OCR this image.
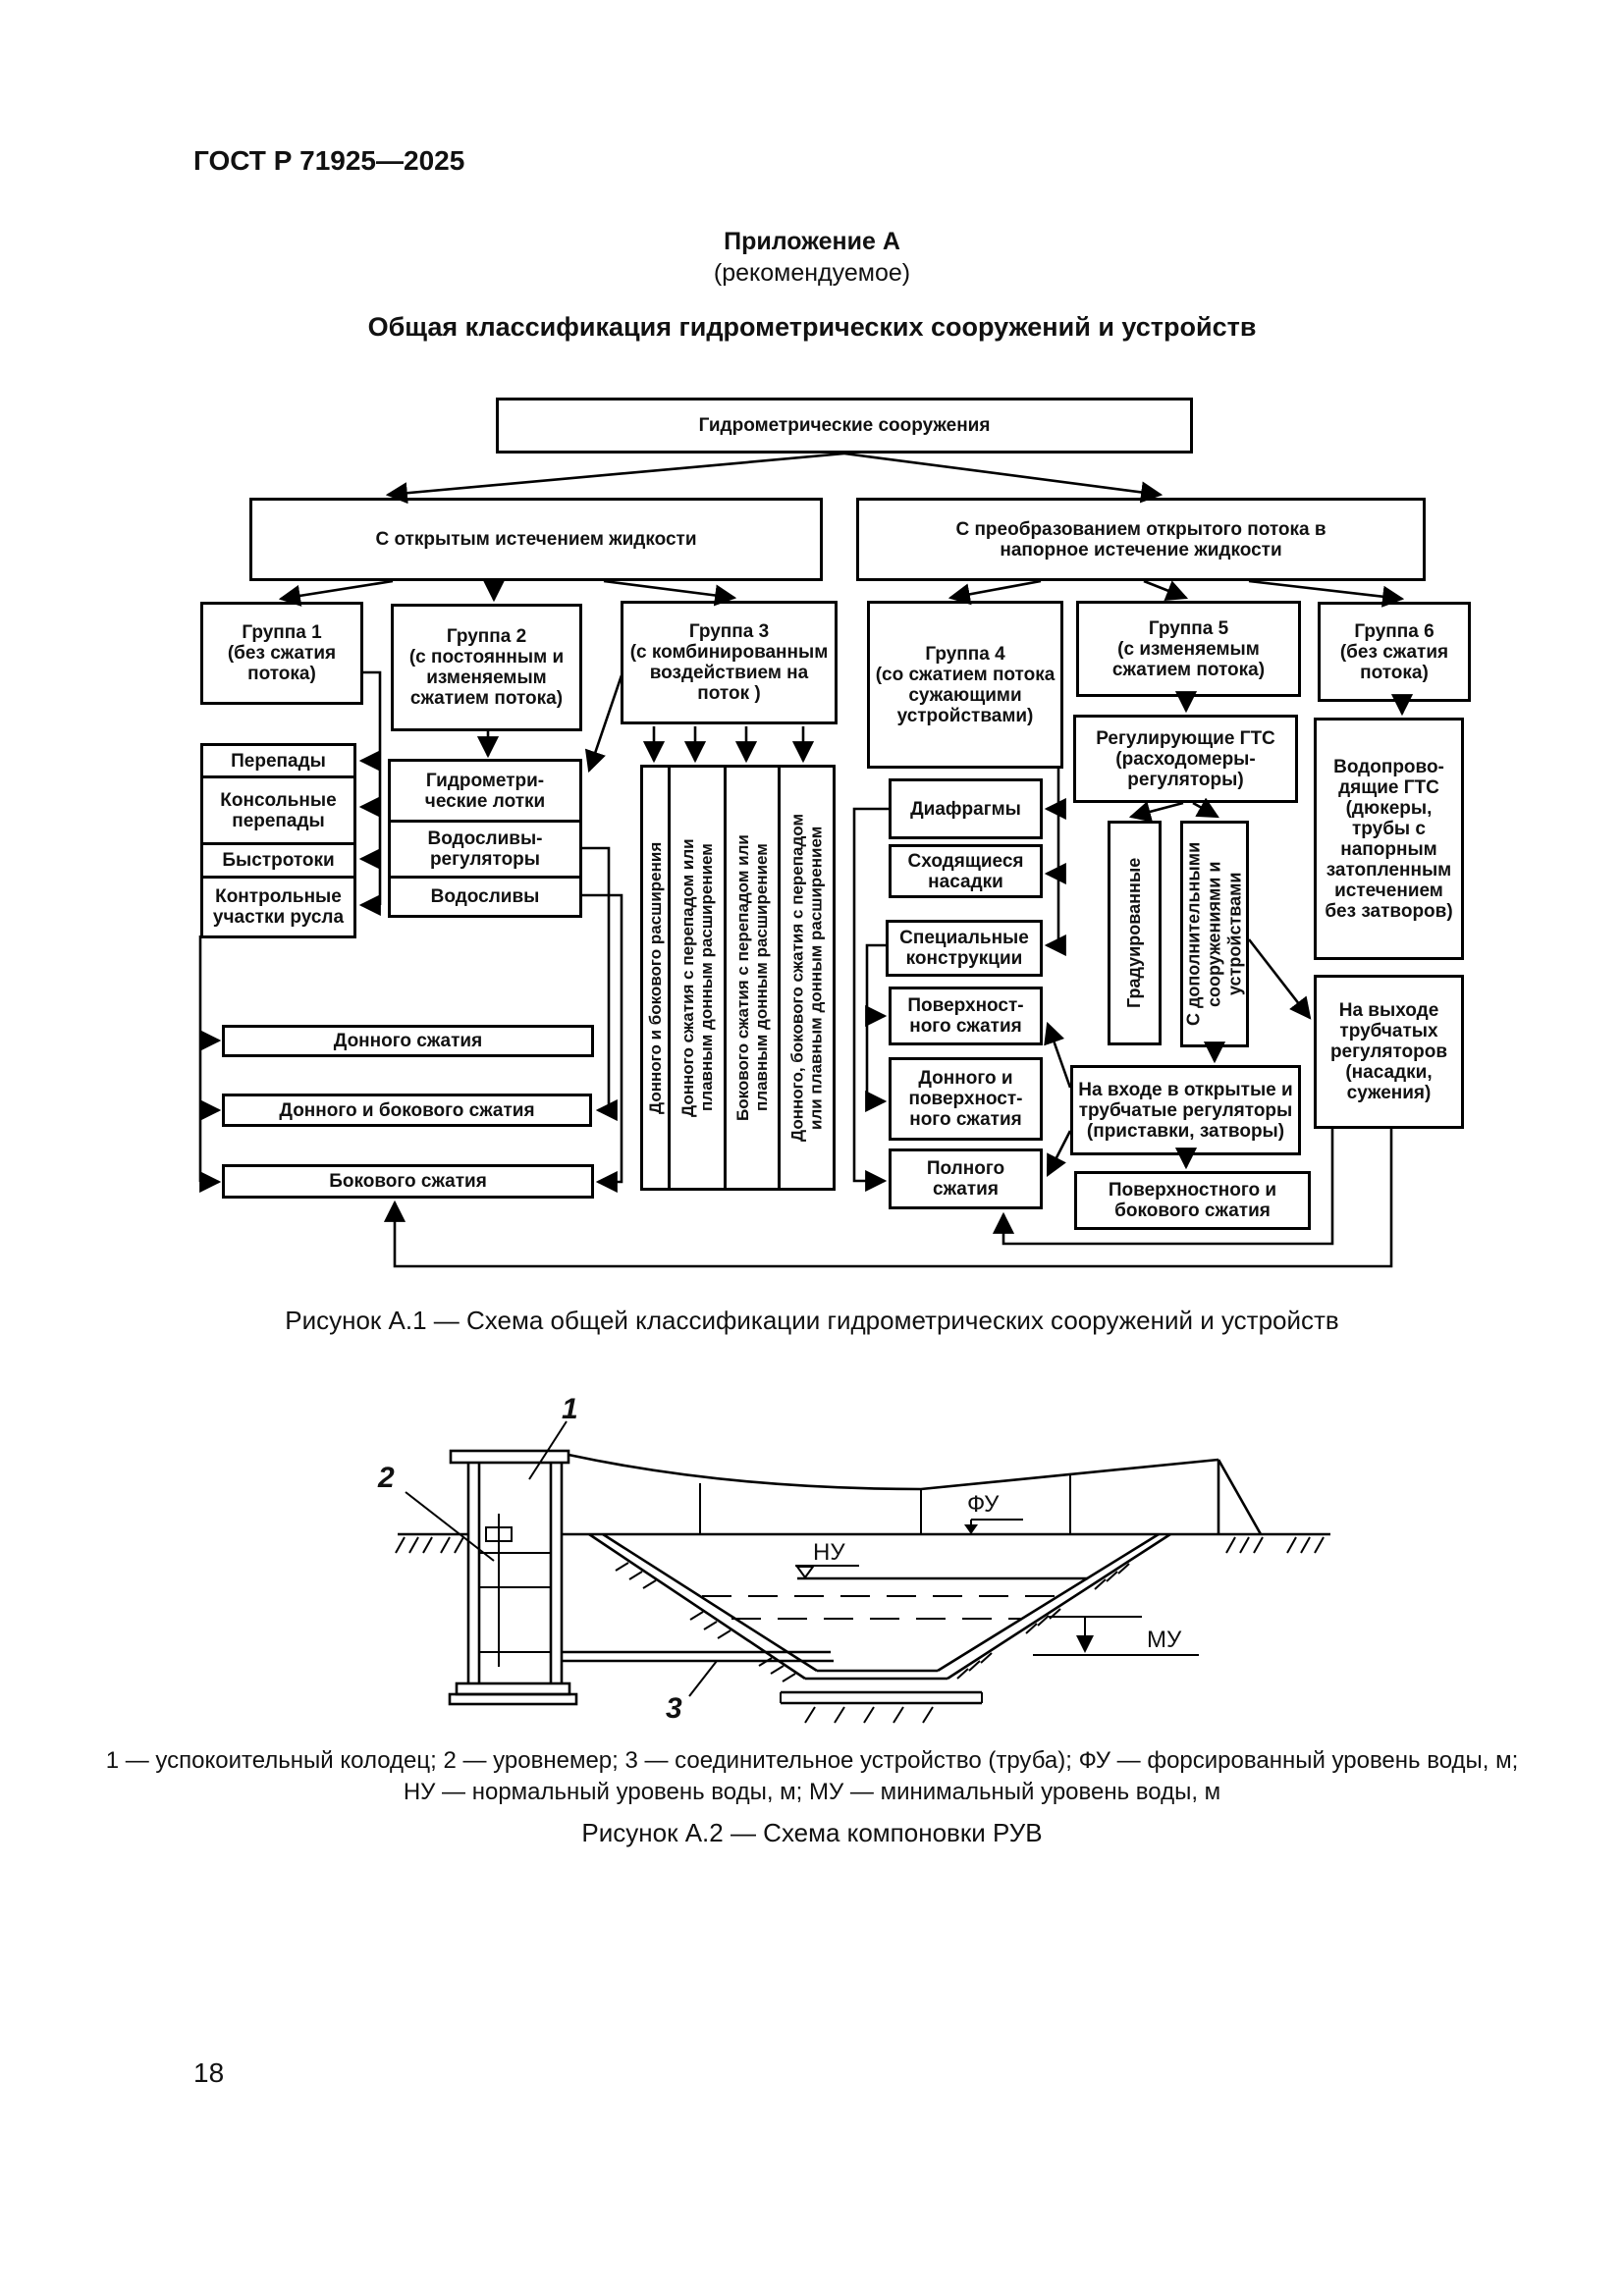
ГОСТ Р 71925—2025
Приложение А
(рекомендуемое)
Общая классификация гидрометрических сооружений и устройств
Гидрометрические сооружения
С открытым истечением жидкости	С преобразованием открытого потока в
напорное истечение жидкости
Группа 1
(без сжатия
потока)
Группа 2
(с постоянным и
изменяемым
сжатием потока)
Группа 3
(с комбинированным
воздействием на
поток )
Группа 4
(со сжатием потока
сужающими
устройствами)
Группа 5
(с изменяемым
сжатием потока)
Группа 6
(без сжатия
потока)
Перепады
Консольные
перепады
Быстротоки
Контрольные
участки русла
Гидрометри-
ческие лотки
Водосливы-
регуляторы
Водосливы	Донного и бокового расширения Донного сжатия с перепадом или
плавным донным расширением Бокового сжатия с перепадом или
плавным донным расширением Донного, бокового сжатия с перепадом
или плавным донным расширением
Диафрагмы
Сходящиеся
насадки
Специальные
конструкции
Поверхност-
ного сжатия
Донного и
поверхност-
ного сжатия
Полного
сжатия
Регулирующие ГТС
(расходомеры-
регуляторы)
Градуированные С дополнительными
сооружениями и
устройствами
Водопрово-
дящие ГТС
(дюкеры,
трубы с
напорным
затопленным
истечением
без затворов)
На выходе
трубчатых
регуляторов
(насадки,
сужения)
На входе в открытые и
трубчатые регуляторы
(приставки, затворы)
Поверхностного и
бокового сжатия
Донного сжатия
Донного и бокового сжатия
Бокового сжатия
1
2
3
ФУ
НУ
МУ
Рисунок А.1 — Схема общей классификации гидрометрических сооружений и устройств
1 — успокоительный колодец; 2 — уровнемер; 3 — соединительное устройство (труба); ФУ — форсированный уровень воды, м;
НУ — нормальный уровень воды, м; МУ — минимальный уровень воды, м
Рисунок А.2 — Схема компоновки РУВ
18
